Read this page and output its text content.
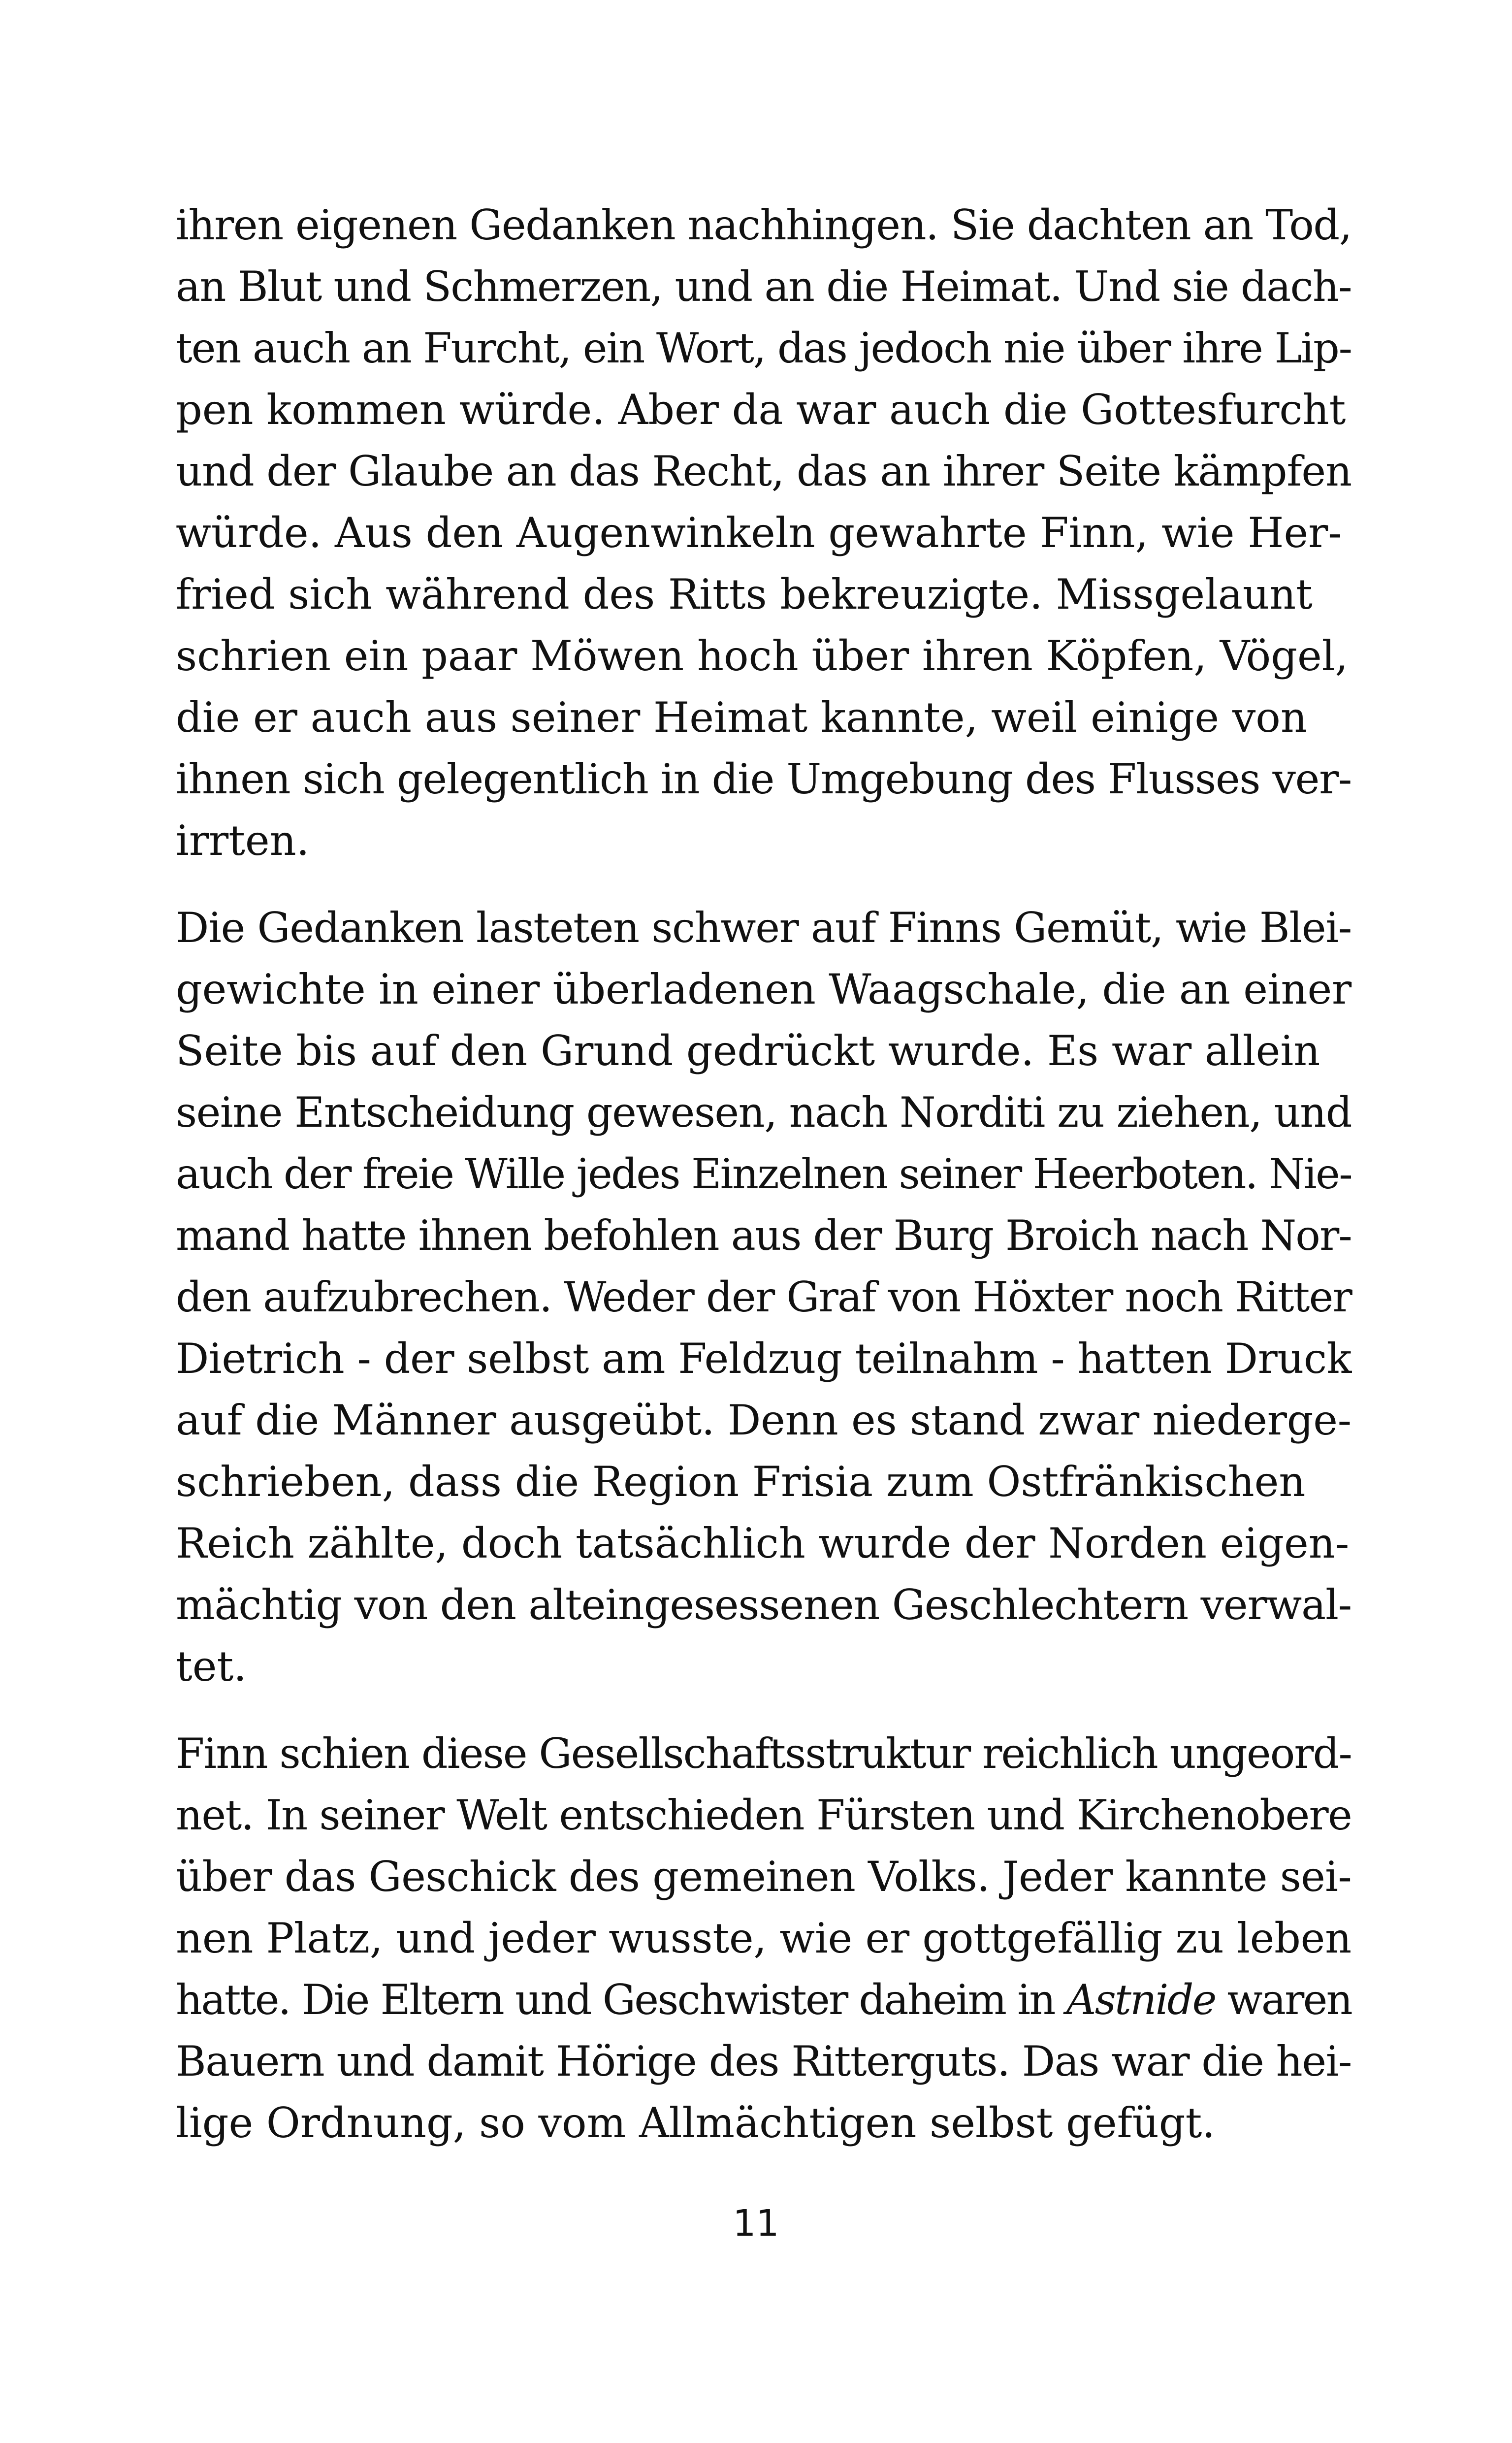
ihren eigenen Gedanken nachhingen. Sie dachten an Tod,
an Blut und Schmerzen, und an die Heimat. Und sie dach-
ten auch an Furcht, ein Wort, das jedoch nie über ihre Lip-
pen kommen würde. Aber da war auch die Gottesfurcht
und der Glaube an das Recht, das an ihrer Seite kämpfen
würde. Aus den Augenwinkeln gewahrte Finn, wie Her-
fried sich während des Ritts bekreuzigte. Missgelaunt
schrien ein paar Möwen hoch über ihren Köpfen, Vögel,
die er auch aus seiner Heimat kannte, weil einige von
ihnen sich gelegentlich in die Umgebung des Flusses ver-
irrten.

Die Gedanken lasteten schwer auf Finns Gemüt, wie Blei-
gewichte in einer überladenen Waagschale, die an einer
Seite bis auf den Grund gedrückt wurde. Es war allein
seine Entscheidung gewesen, nach Norditi zu ziehen, und
auch der freie Wille jedes Einzelnen seiner Heerboten. Nie-
mand hatte ihnen befohlen aus der Burg Broich nach Nor-
den aufzubrechen. Weder der Graf von Höxter noch Ritter
Dietrich - der selbst am Feldzug teilnahm - hatten Druck
auf die Männer ausgeübt. Denn es stand zwar niederge-
schrieben, dass die Region Frisia zum Ostfränkischen
Reich zählte, doch tatsächlich wurde der Norden eigen-
mächtig von den alteingesessenen Geschlechtern verwal-
tet.

Finn schien diese Gesellschaftsstruktur reichlich ungeord-
net. In seiner Welt entschieden Fürsten und Kirchenobere
über das Geschick des gemeinen Volks. Jeder kannte sei-
nen Platz, und jeder wusste, wie er gottgefällig zu leben
hatte. Die Eltern und Geschwister daheim in Astnide waren
Bauern und damit Hörige des Ritterguts. Das war die hei-
lige Ordnung, so vom Allmächtigen selbst gefügt.

11
